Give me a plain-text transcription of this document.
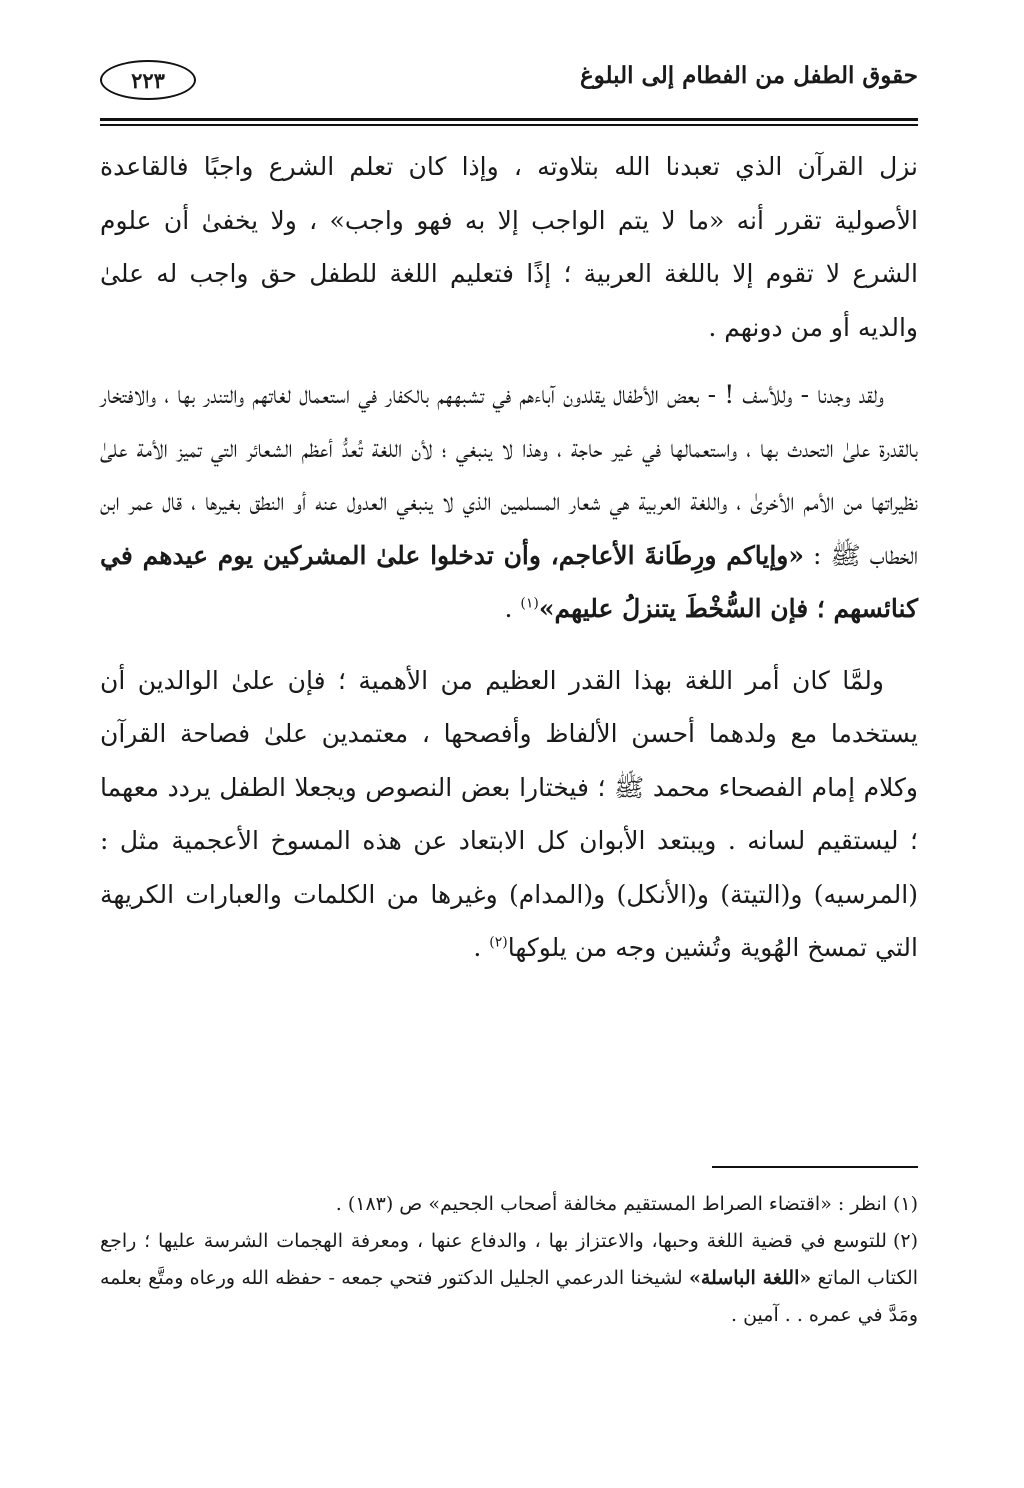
حقوق الطفل من الفطام إلى البلوغ
٢٢٣

نزل القرآن الذي تعبدنا الله بتلاوته ، وإذا كان تعلم الشرع واجبًا فالقاعدة الأصولية تقرر أنه «ما لا يتم الواجب إلا به فهو واجب» ، ولا يخفىٰ أن علوم الشرع لا تقوم إلا باللغة العربية ؛ إذًا فتعليم اللغة للطفل حق واجب له علىٰ والديه أو من دونهم .

ولقد وجدنا - وللأسف ! - بعض الأطفال يقلدون آباءهم في تشبههم بالكفار في استعمال لغاتهم والتندر بها ، والافتخار بالقدرة علىٰ التحدث بها ، واستعمالها في غير حاجة ، وهذا لا ينبغي ؛ لأن اللغة تُعدُّ أعظم الشعائر التي تميز الأمة علىٰ نظيراتها من الأمم الأخرىٰ ، واللغة العربية هي شعار المسلمين الذي لا ينبغي العدول عنه أو النطق بغيرها ، قال عمر ابن الخطاب ﷺ : «وإياكم ورِطَانةَ الأعاجم، وأن تدخلوا علىٰ المشركين يوم عيدهم في كنائسهم ؛ فإن السُّخْطَ يتنزلُ عليهم»$^{(١)}$ .

ولمَّا كان أمر اللغة بهذا القدر العظيم من الأهمية ؛ فإن علىٰ الوالدين أن يستخدما مع ولدهما أحسن الألفاظ وأفصحها ، معتمدين علىٰ فصاحة القرآن وكلام إمام الفصحاء محمد ﷺ ؛ فيختارا بعض النصوص ويجعلا الطفل يردد معهما ؛ ليستقيم لسانه . ويبتعد الأبوان كل الابتعاد عن هذه المسوخ الأعجمية مثل : (المرسيه) و(التيتة) و(الأنكل) و(المدام) وغيرها من الكلمات والعبارات الكريهة التي تمسخ الهُوية وتُشين وجه من يلوكها$^{(٢)}$ .

(١)انظر : «اقتضاء الصراط المستقيم مخالفة أصحاب الجحيم» ص (١٨٣) .

(٢)للتوسع في قضية اللغة وحبها، والاعتزاز بها ، والدفاع عنها ، ومعرفة الهجمات الشرسة عليها ؛ راجع الكتاب الماتع «اللغة الباسلة» لشيخنا الدرعمي الجليل الدكتور فتحي جمعه - حفظه الله ورعاه ومتَّع بعلمه ومَدَّ في عمره . . آمين .
